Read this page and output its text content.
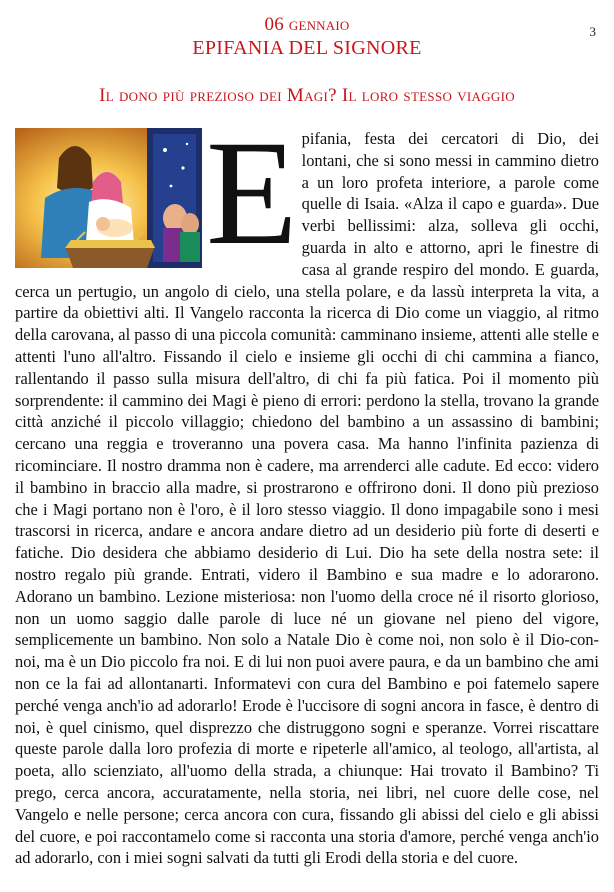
3
06 gennaio
EPIFANIA DEL SIGNORE
Il dono più prezioso dei Magi? Il loro stesso viaggio
E pifania, festa dei cercatori di Dio, dei lontani, che si sono messi in cammino dietro a un loro profeta interiore, a parole come quelle di Isaia. «Alza il capo e guarda». Due verbi bellissimi: alza, solleva gli occhi, guarda in alto e attorno, apri le finestre di casa al grande respiro del mondo. E guarda, cerca un pertugio, un angolo di cielo, una stella polare, e da lassù interpreta la vita, a partire da obiettivi alti. Il Vangelo racconta la ricerca di Dio come un viaggio, al ritmo della carovana, al passo di una piccola comunità: camminano insieme, attenti alle stelle e attenti l'uno all'altro. Fissando il cielo e insieme gli occhi di chi cammina a fianco, rallentando il passo sulla misura dell'altro, di chi fa più fatica. Poi il momento più sorprendente: il cammino dei Magi è pieno di errori: perdono la stella, trovano la grande città anziché il piccolo villaggio; chiedono del bambino a un assassino di bambini; cercano una reggia e troveranno una povera casa. Ma hanno l'infinita pazienza di ricominciare. Il nostro dramma non è cadere, ma arrenderci alle cadute. Ed ecco: videro il bambino in braccio alla madre, si prostrarono e offrirono doni. Il dono più prezioso che i Magi portano non è l'oro, è il loro stesso viaggio. Il dono impagabile sono i mesi trascorsi in ricerca, andare e ancora andare dietro ad un desiderio più forte di deserti e fatiche. Dio desidera che abbiamo desiderio di Lui. Dio ha sete della nostra sete: il nostro regalo più grande. Entrati, videro il Bambino e sua madre e lo adorarono. Adorano un bambino. Lezione misteriosa: non l'uomo della croce né il risorto glorioso, non un uomo saggio dalle parole di luce né un giovane nel pieno del vigore, semplicemente un bambino. Non solo a Natale Dio è come noi, non solo è il Dio-con-noi, ma è un Dio piccolo fra noi. E di lui non puoi avere paura, e da un bambino che ami non ce la fai ad allontanarti. Informatevi con cura del Bambino e poi fatemelo sapere perché venga anch'io ad adorarlo! Erode è l'uccisore di sogni ancora in fasce, è dentro di noi, è quel cinismo, quel disprezzo che distruggono sogni e speranze. Vorrei riscattare queste parole dalla loro profezia di morte e ripeterle all'amico, al teologo, all'artista, al poeta, allo scienziato, all'uomo della strada, a chiunque: Hai trovato il Bambino? Ti prego, cerca ancora, accuratamente, nella storia, nei libri, nel cuore delle cose, nel Vangelo e nelle persone; cerca ancora con cura, fissando gli abissi del cielo e gli abissi del cuore, e poi raccontamelo come si racconta una storia d'amore, perché venga anch'io ad adorarlo, con i miei sogni salvati da tutti gli Erodi della storia e del cuore.
